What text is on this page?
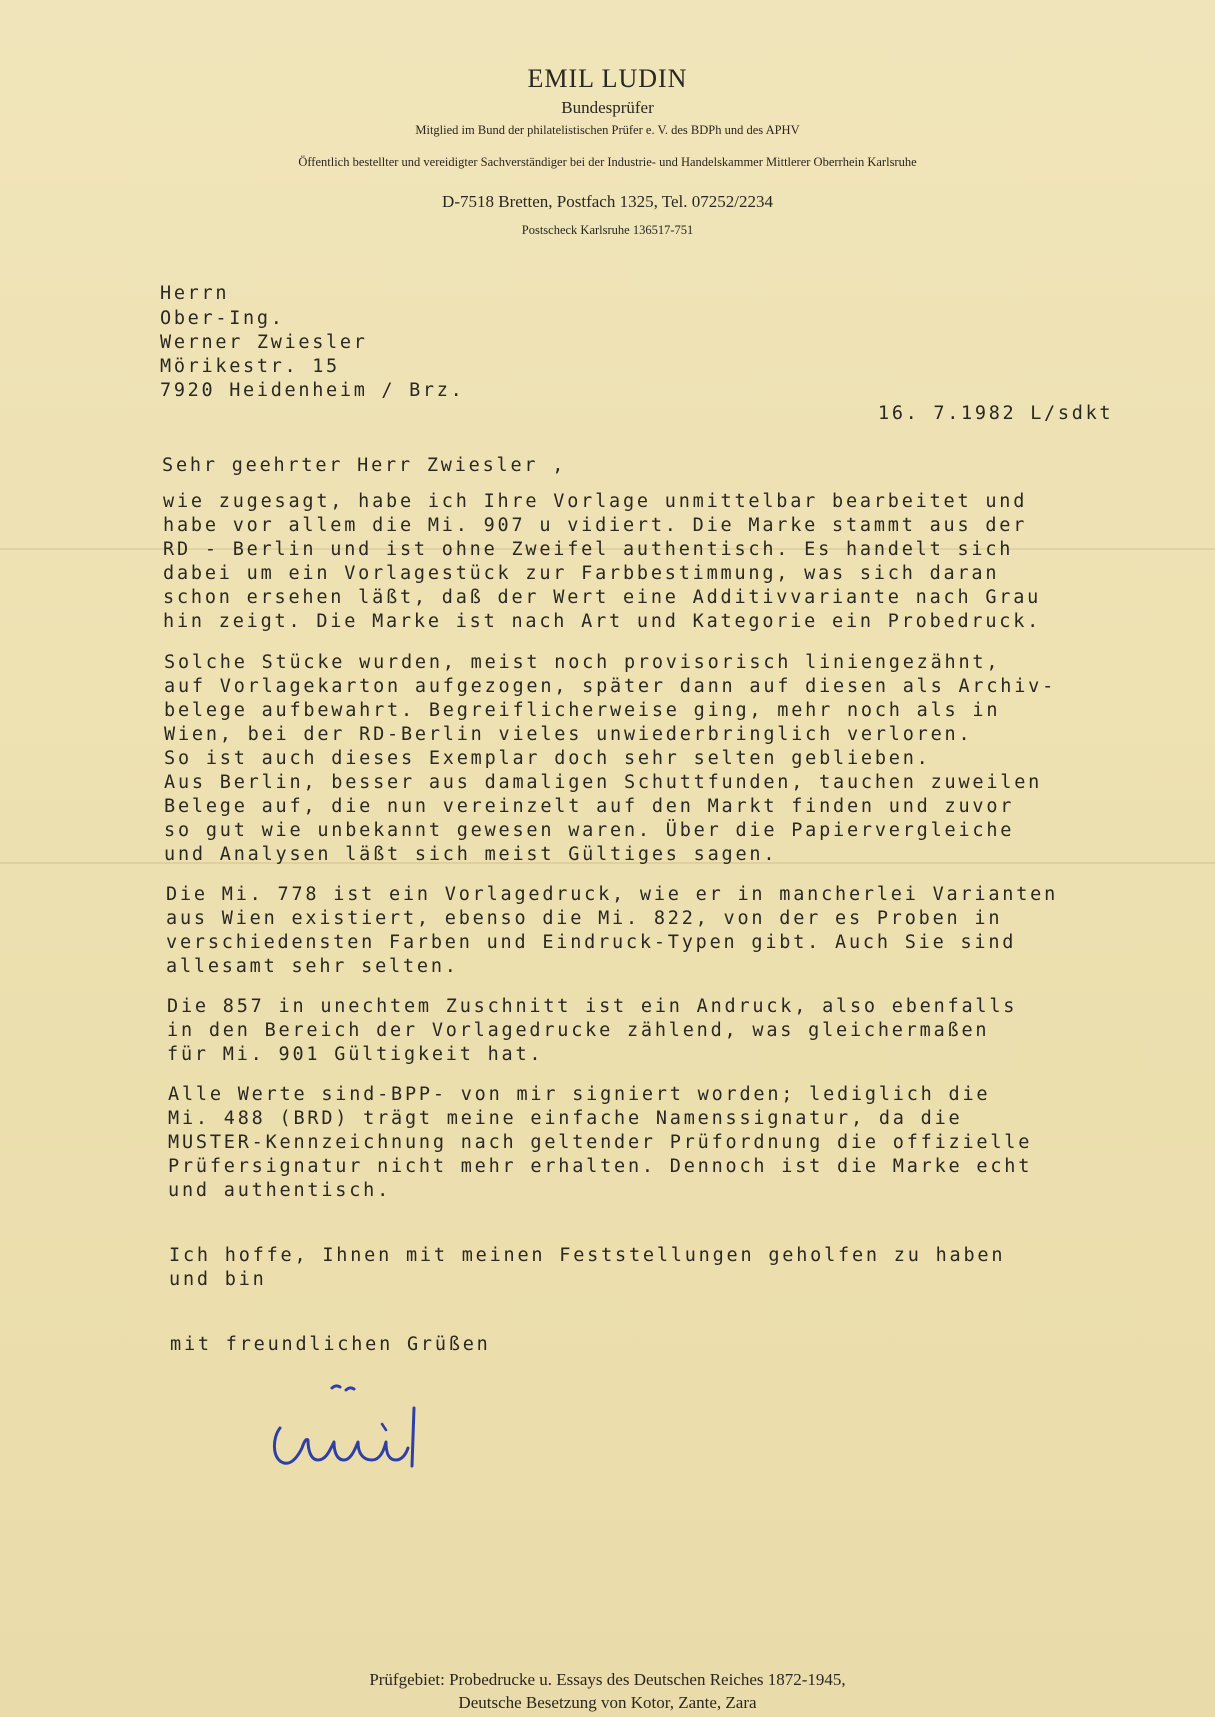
EMIL LUDIN
Bundesprüfer
Mitglied im Bund der philatelistischen Prüfer e. V. des BDPh und des APHV
Öffentlich bestellter und vereidigter Sachverständiger bei der Industrie- und Handelskammer Mittlerer Oberrhein Karlsruhe
D-7518 Bretten, Postfach 1325, Tel. 07252/2234
Postscheck Karlsruhe 136517-751
Herrn
Ober-Ing.
Werner Zwiesler
Mörikestr. 15
7920 Heidenheim / Brz.
16. 7.1982 L/sdkt
Sehr geehrter Herr Zwiesler ,
wie zugesagt, habe ich Ihre Vorlage unmittelbar bearbeitet und
habe vor allem die Mi. 907 u vidiert. Die Marke stammt aus der
RD - Berlin und ist ohne Zweifel authentisch. Es handelt sich
dabei um ein Vorlagestück zur Farbbestimmung, was sich daran
schon ersehen läßt, daß der Wert eine Additivvariante nach Grau
hin zeigt. Die Marke ist nach Art und Kategorie ein Probedruck.
Solche Stücke wurden, meist noch provisorisch liniengezähnt,
auf Vorlagekarton aufgezogen, später dann auf diesen als Archiv-
belege aufbewahrt. Begreiflicherweise ging, mehr noch als in
Wien, bei der RD-Berlin vieles unwiederbringlich verloren.
So ist auch dieses Exemplar doch sehr selten geblieben.
Aus Berlin, besser aus damaligen Schuttfunden, tauchen zuweilen
Belege auf, die nun vereinzelt auf den Markt finden und zuvor
so gut wie unbekannt gewesen waren. Über die Papiervergleiche
und Analysen läßt sich meist Gültiges sagen.
Die Mi. 778 ist ein Vorlagedruck, wie er in mancherlei Varianten
aus Wien existiert, ebenso die Mi. 822, von der es Proben in
verschiedensten Farben und Eindruck-Typen gibt. Auch Sie sind
allesamt sehr selten.
Die 857 in unechtem Zuschnitt ist ein Andruck, also ebenfalls
in den Bereich der Vorlagedrucke zählend, was gleichermaßen
für Mi. 901 Gültigkeit hat.
Alle Werte sind-BPP- von mir signiert worden; lediglich die
Mi. 488 (BRD) trägt meine einfache Namenssignatur, da die
MUSTER-Kennzeichnung nach geltender Prüfordnung die offizielle
Prüfersignatur nicht mehr erhalten. Dennoch ist die Marke echt
und authentisch.
Ich hoffe, Ihnen mit meinen Feststellungen geholfen zu haben
und bin
mit freundlichen Grüßen
Prüfgebiet: Probedrucke u. Essays des Deutschen Reiches 1872-1945,
Deutsche Besetzung von Kotor, Zante, Zara
